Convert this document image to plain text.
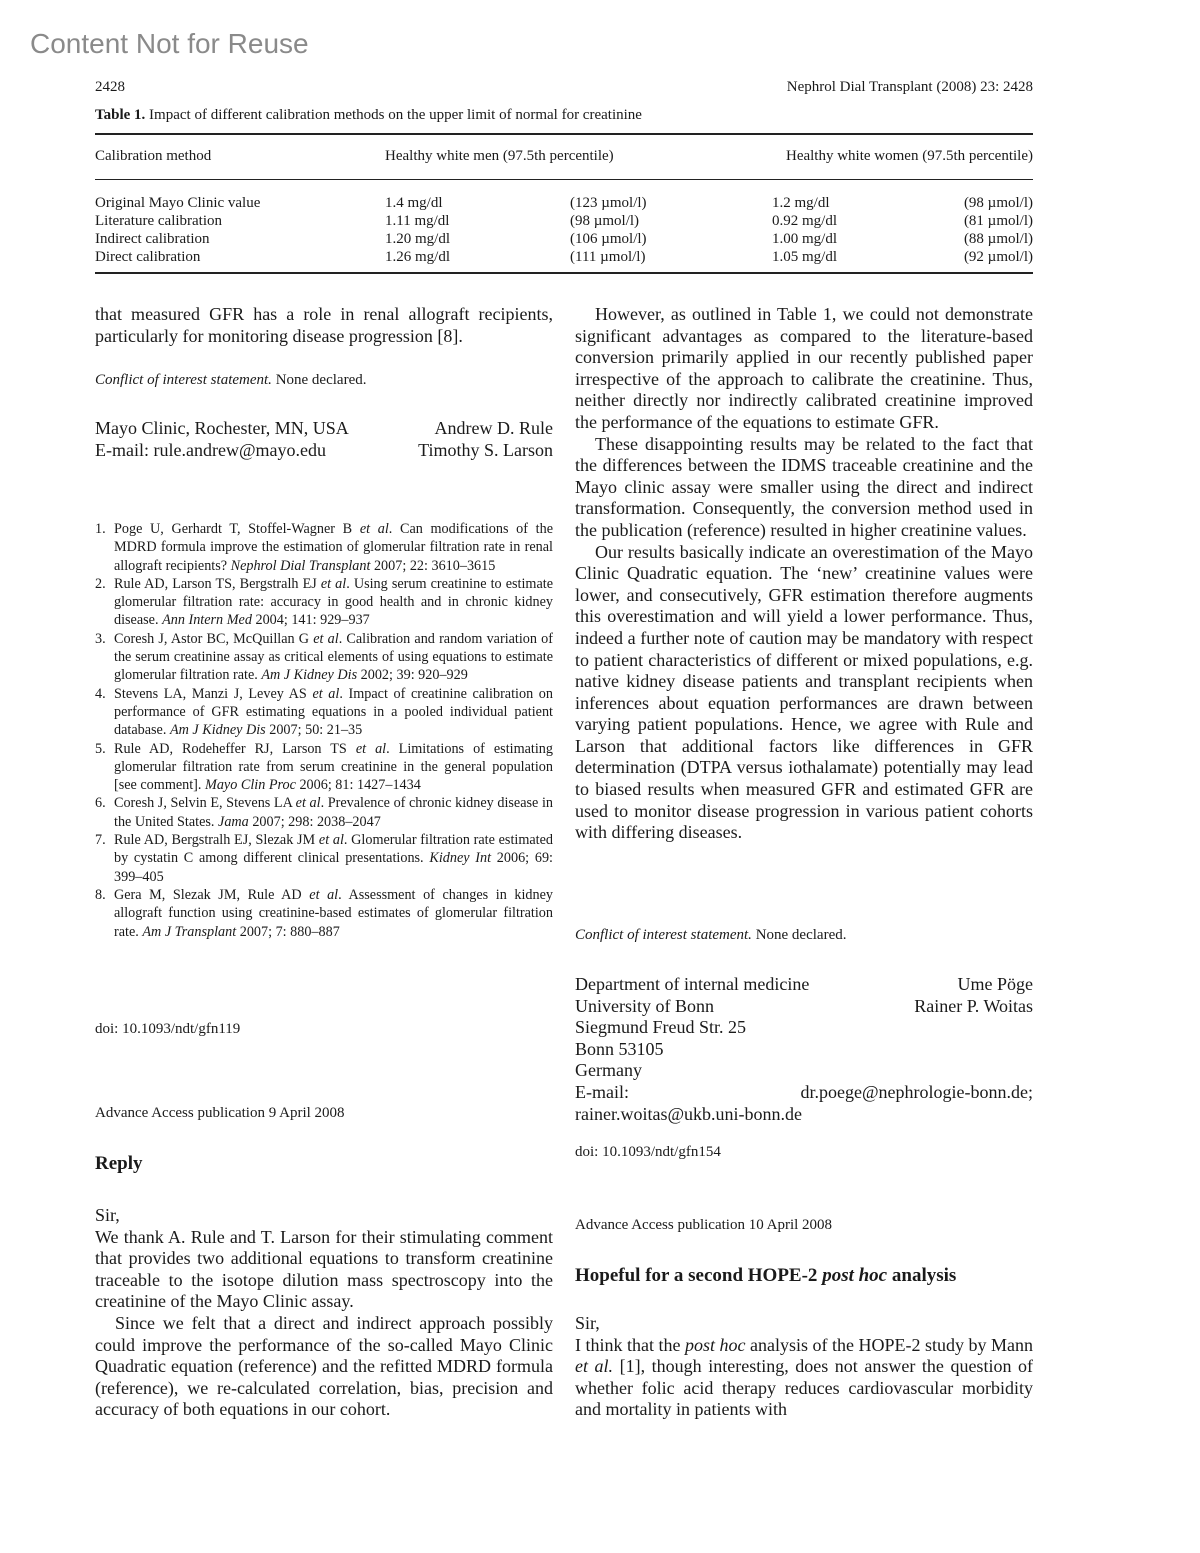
Content Not for Reuse
2428	Nephrol Dial Transplant (2008) 23: 2428
Table 1. Impact of different calibration methods on the upper limit of normal for creatinine
Calibration method	Healthy white men (97.5th percentile)	Healthy white women (97.5th percentile)
Original Mayo Clinic value	1.4 mg/dl	(123 µmol/l)	1.2 mg/dl	(98 µmol/l)
Literature calibration	1.11 mg/dl	(98 µmol/l)	0.92 mg/dl	(81 µmol/l)
Indirect calibration	1.20 mg/dl	(106 µmol/l)	1.00 mg/dl	(88 µmol/l)
Direct calibration	1.26 mg/dl	(111 µmol/l)	1.05 mg/dl	(92 µmol/l)

that measured GFR has a role in renal allograft recipients, particularly for monitoring disease progression [8].

Conflict of interest statement. None declared.
Mayo Clinic, Rochester, MN, USA	Andrew D. Rule
E-mail: rule.andrew@mayo.edu	Timothy S. Larson

1. Poge U, Gerhardt T, Stoffel-Wagner B et al. Can modifications of the MDRD formula improve the estimation of glomerular filtration rate in renal allograft recipients? Nephrol Dial Transplant 2007; 22: 3610–3615

2. Rule AD, Larson TS, Bergstralh EJ et al. Using serum creatinine to estimate glomerular filtration rate: accuracy in good health and in chronic kidney disease. Ann Intern Med 2004; 141: 929–937

3. Coresh J, Astor BC, McQuillan G et al. Calibration and random variation of the serum creatinine assay as critical elements of using equations to estimate glomerular filtration rate. Am J Kidney Dis 2002; 39: 920–929

4. Stevens LA, Manzi J, Levey AS et al. Impact of creatinine calibration on performance of GFR estimating equations in a pooled individual patient database. Am J Kidney Dis 2007; 50: 21–35

5. Rule AD, Rodeheffer RJ, Larson TS et al. Limitations of estimating glomerular filtration rate from serum creatinine in the general population [see comment]. Mayo Clin Proc 2006; 81: 1427–1434

6. Coresh J, Selvin E, Stevens LA et al. Prevalence of chronic kidney disease in the United States. Jama 2007; 298: 2038–2047

7. Rule AD, Bergstralh EJ, Slezak JM et al. Glomerular filtration rate estimated by cystatin C among different clinical presentations. Kidney Int 2006; 69: 399–405

8. Gera M, Slezak JM, Rule AD et al. Assessment of changes in kidney allograft function using creatinine-based estimates of glomerular filtration rate. Am J Transplant 2007; 7: 880–887

doi: 10.1093/ndt/gfn119
Advance Access publication 9 April 2008
Reply

Sir,

We thank A. Rule and T. Larson for their stimulating comment that provides two additional equations to transform creatinine traceable to the isotope dilution mass spectroscopy into the creatinine of the Mayo Clinic assay.

Since we felt that a direct and indirect approach possibly could improve the performance of the so-called Mayo Clinic Quadratic equation (reference) and the refitted MDRD formula (reference), we re-calculated correlation, bias, precision and accuracy of both equations in our cohort.

However, as outlined in Table 1, we could not demonstrate significant advantages as compared to the literature-based conversion primarily applied in our recently published paper irrespective of the approach to calibrate the creatinine. Thus, neither directly nor indirectly calibrated creatinine improved the performance of the equations to estimate GFR.

These disappointing results may be related to the fact that the differences between the IDMS traceable creatinine and the Mayo clinic assay were smaller using the direct and indirect transformation. Consequently, the conversion method used in the publication (reference) resulted in higher creatinine values.

Our results basically indicate an overestimation of the Mayo Clinic Quadratic equation. The ‘new’ creatinine values were lower, and consecutively, GFR estimation therefore augments this overestimation and will yield a lower performance. Thus, indeed a further note of caution may be mandatory with respect to patient characteristics of different or mixed populations, e.g. native kidney disease patients and transplant recipients when inferences about equation performances are drawn between varying patient populations. Hence, we agree with Rule and Larson that additional factors like differences in GFR determination (DTPA versus iothalamate) potentially may lead to biased results when measured GFR and estimated GFR are used to monitor disease progression in various patient cohorts with differing diseases.

Conflict of interest statement. None declared.
Department of internal medicine	Ume Pöge
University of Bonn	Rainer P. Woitas
Siegmund Freud Str. 25
Bonn 53105
Germany

E-mail: dr.poege@nephrologie-bonn.de; rainer.woitas@ukb.uni-bonn.de

doi: 10.1093/ndt/gfn154
Advance Access publication 10 April 2008
Hopeful for a second HOPE-2 post hoc analysis

Sir,

I think that the post hoc analysis of the HOPE-2 study by Mann et al. [1], though interesting, does not answer the question of whether folic acid therapy reduces cardiovascular morbidity and mortality in patients with
